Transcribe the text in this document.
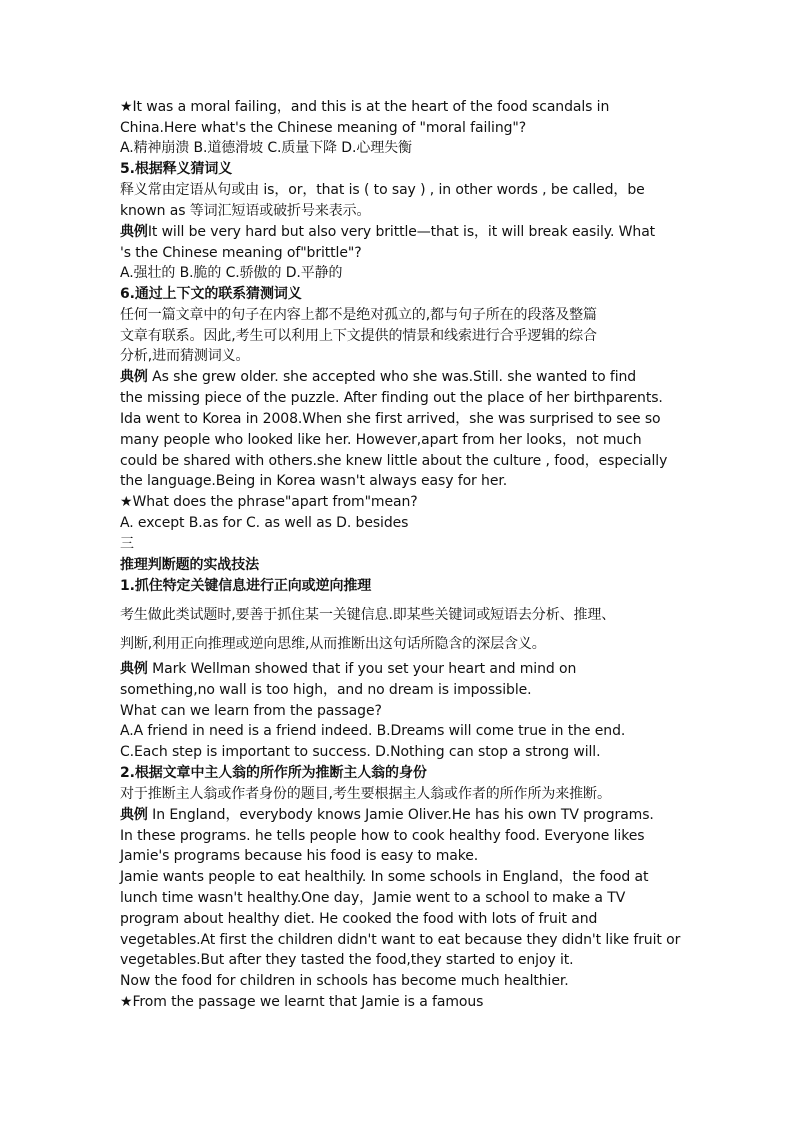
★It was a moral failing，and this is at the heart of the food scandals in
China.Here what's the Chinese meaning of "moral failing"?
A.精神崩溃 B.道德滑坡 C.质量下降 D.心理失衡
5.根据释义猜词义
释义常由定语从句或由 is，or，that is ( to say ) , in other words , be called，be
known as 等词汇短语或破折号来表示。
典例It will be very hard but also very brittle—that is，it will break easily. What
's the Chinese meaning of"brittle"?
A.强壮的 B.脆的 C.骄傲的 D.平静的
6.通过上下文的联系猜测词义
任何一篇文章中的句子在内容上都不是绝对孤立的,都与句子所在的段落及整篇
文章有联系。因此,考生可以利用上下文提供的情景和线索进行合乎逻辑的综合
分析,进而猜测词义。
典例 As she grew older. she accepted who she was.Still. she wanted to find
the missing piece of the puzzle. After finding out the place of her birthparents.
Ida went to Korea in 2008.When she first arrived，she was surprised to see so
many people who looked like her. However,apart from her looks，not much
could be shared with others.she knew little about the culture , food，especially
the language.Being in Korea wasn't always easy for her.
★What does the phrase"apart from"mean?
A. except B.as for C. as well as D. besides
三
推理判断题的实战技法
1.抓住特定关键信息进行正向或逆向推理
考生做此类试题时,要善于抓住某一关键信息.即某些关键词或短语去分析、推理、
判断,利用正向推理或逆向思维,从而推断出这句话所隐含的深层含义。
典例 Mark Wellman showed that if you set your heart and mind on
something,no wall is too high，and no dream is impossible.
What can we learn from the passage?
A.A friend in need is a friend indeed. B.Dreams will come true in the end.
C.Each step is important to success. D.Nothing can stop a strong will.
2.根据文章中主人翁的所作所为推断主人翁的身份
对于推断主人翁或作者身份的题目,考生要根据主人翁或作者的所作所为来推断。
典例 In England，everybody knows Jamie Oliver.He has his own TV programs.
In these programs. he tells people how to cook healthy food. Everyone likes
Jamie's programs because his food is easy to make.
Jamie wants people to eat healthily. In some schools in England，the food at
lunch time wasn't healthy.One day，Jamie went to a school to make a TV
program about healthy diet. He cooked the food with lots of fruit and
vegetables.At first the children didn't want to eat because they didn't like fruit or
vegetables.But after they tasted the food,they started to enjoy it.
Now the food for children in schools has become much healthier.
★From the passage we learnt that Jamie is a famous
